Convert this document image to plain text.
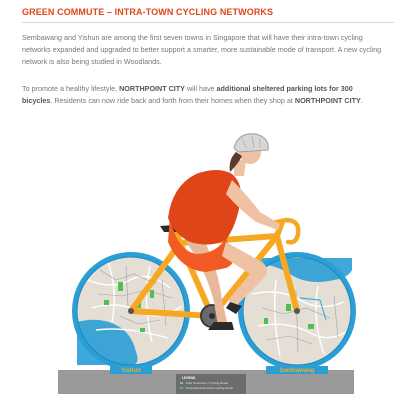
GREEN COMMUTE – INTRA-TOWN CYCLING NETWORKS

Sembawang and Yishun are among the first seven towns in Singapore that will have their intra-town cycling networks expanded and upgraded to better support a smarter, more sustainable mode of transport. A new cycling network is also being studied in Woodlands.

To promote a healthy lifestyle, NORTHPOINT CITY will have additional sheltered parking lots for 300 bicycles. Residents can now ride back and forth from their homes when they shop at NORTHPOINT CITY.

LEGEND
Park Connector / Cycling Route
Proposed Intra-Town Cycling Route
Yishun	Sembawang
